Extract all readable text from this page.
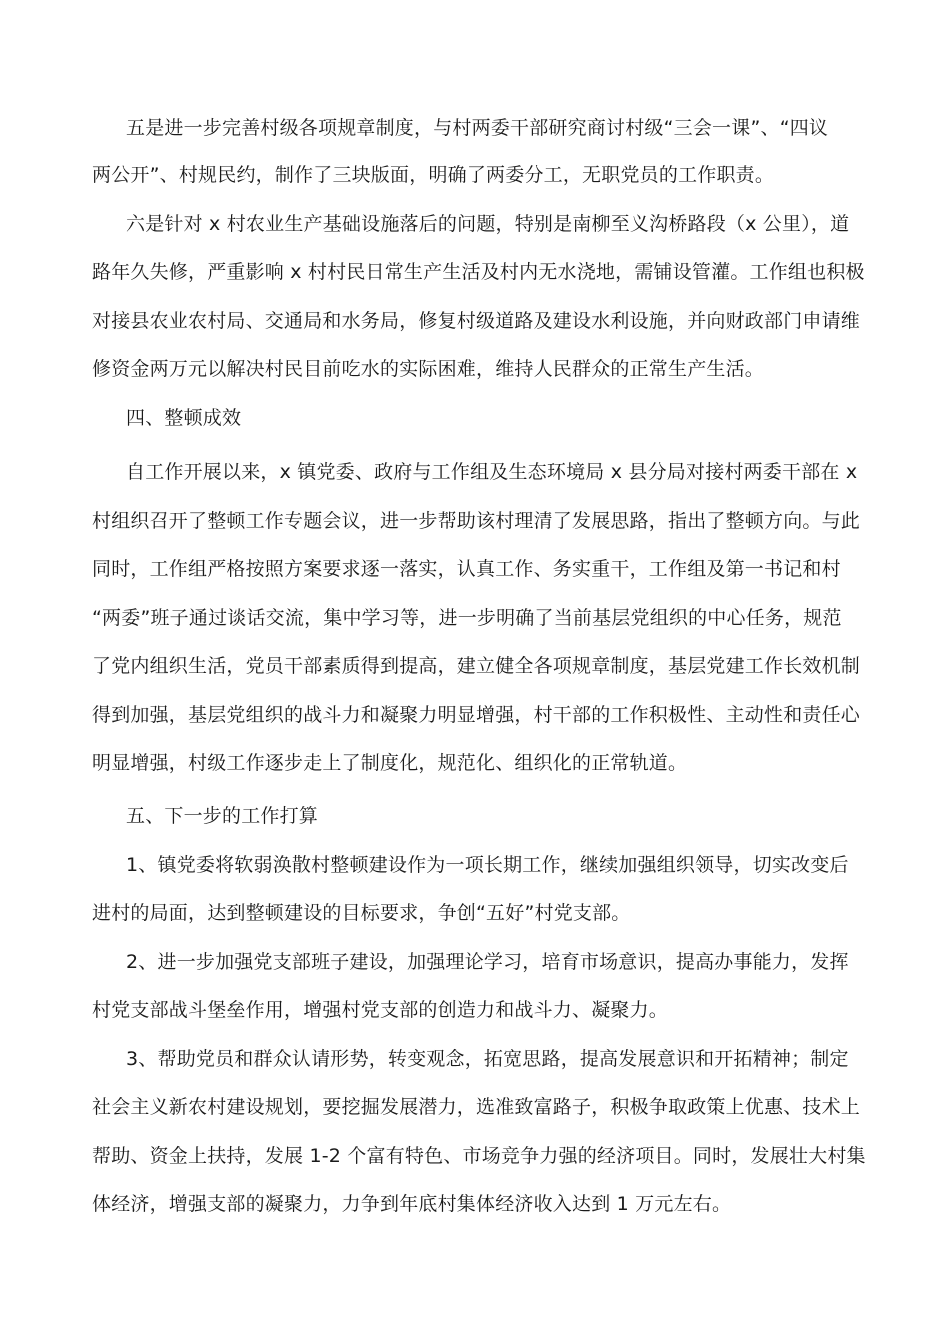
五是进一步完善村级各项规章制度，与村两委干部研究商讨村级“三会一课”、“四议

两公开”、村规民约，制作了三块版面，明确了两委分工，无职党员的工作职责。

六是针对 x 村农业生产基础设施落后的问题，特别是南柳至义沟桥路段（x 公里），道

路年久失修，严重影响 x 村村民日常生产生活及村内无水浇地，需铺设管灌。工作组也积极

对接县农业农村局、交通局和水务局，修复村级道路及建设水利设施，并向财政部门申请维

修资金两万元以解决村民目前吃水的实际困难，维持人民群众的正常生产生活。

四、整顿成效

自工作开展以来，x 镇党委、政府与工作组及生态环境局 x 县分局对接村两委干部在 x

村组织召开了整顿工作专题会议，进一步帮助该村理清了发展思路，指出了整顿方向。与此

同时，工作组严格按照方案要求逐一落实，认真工作、务实重干，工作组及第一书记和村

“两委”班子通过谈话交流，集中学习等，进一步明确了当前基层党组织的中心任务，规范

了党内组织生活，党员干部素质得到提高，建立健全各项规章制度，基层党建工作长效机制

得到加强，基层党组织的战斗力和凝聚力明显增强，村干部的工作积极性、主动性和责任心

明显增强，村级工作逐步走上了制度化，规范化、组织化的正常轨道。

五、下一步的工作打算

1、镇党委将软弱涣散村整顿建设作为一项长期工作，继续加强组织领导，切实改变后

进村的局面，达到整顿建设的目标要求，争创“五好”村党支部。

2、进一步加强党支部班子建设，加强理论学习，培育市场意识，提高办事能力，发挥

村党支部战斗堡垒作用，增强村党支部的创造力和战斗力、凝聚力。

3、帮助党员和群众认请形势，转变观念，拓宽思路，提高发展意识和开拓精神；制定

社会主义新农村建设规划，要挖掘发展潜力，选准致富路子，积极争取政策上优惠、技术上

帮助、资金上扶持，发展 1-2 个富有特色、市场竞争力强的经济项目。同时，发展壮大村集

体经济，增强支部的凝聚力，力争到年底村集体经济收入达到 1 万元左右。
